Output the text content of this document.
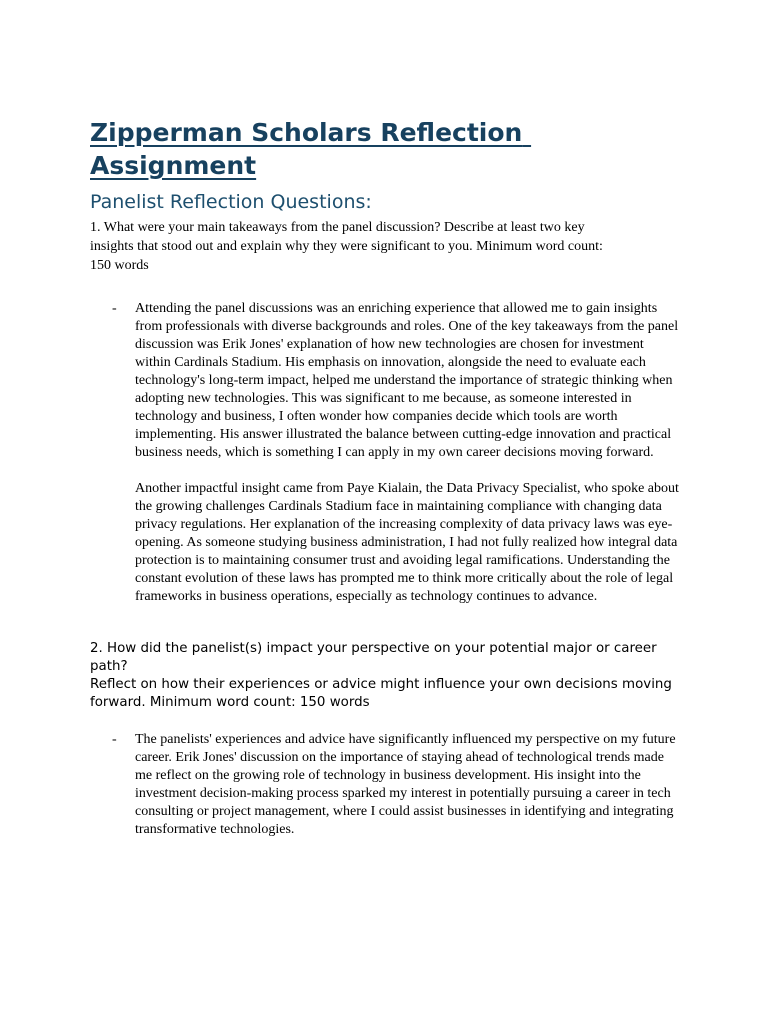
Zipperman Scholars Reflection Assignment
Panelist Reflection Questions:

1. What were your main takeaways from the panel discussion? Describe at least two key insights that stood out and explain why they were significant to you. Minimum word count: 150 words

- Attending the panel discussions was an enriching experience that allowed me to gain insights from professionals with diverse backgrounds and roles. One of the key takeaways from the panel discussion was Erik Jones' explanation of how new technologies are chosen for investment within Cardinals Stadium. His emphasis on innovation, alongside the need to evaluate each technology's long-term impact, helped me understand the importance of strategic thinking when adopting new technologies. This was significant to me because, as someone interested in technology and business, I often wonder how companies decide which tools are worth implementing. His answer illustrated the balance between cutting-edge innovation and practical business needs, which is something I can apply in my own career decisions moving forward.

Another impactful insight came from Paye Kialain, the Data Privacy Specialist, who spoke about the growing challenges Cardinals Stadium face in maintaining compliance with changing data privacy regulations. Her explanation of the increasing complexity of data privacy laws was eye-opening. As someone studying business administration, I had not fully realized how integral data protection is to maintaining consumer trust and avoiding legal ramifications. Understanding the constant evolution of these laws has prompted me to think more critically about the role of legal frameworks in business operations, especially as technology continues to advance.

2. How did the panelist(s) impact your perspective on your potential major or career path?

Reflect on how their experiences or advice might influence your own decisions moving

forward. Minimum word count: 150 words

- The panelists' experiences and advice have significantly influenced my perspective on my future career. Erik Jones' discussion on the importance of staying ahead of technological trends made me reflect on the growing role of technology in business development. His insight into the investment decision-making process sparked my interest in potentially pursuing a career in tech consulting or project management, where I could assist businesses in identifying and integrating transformative technologies.
